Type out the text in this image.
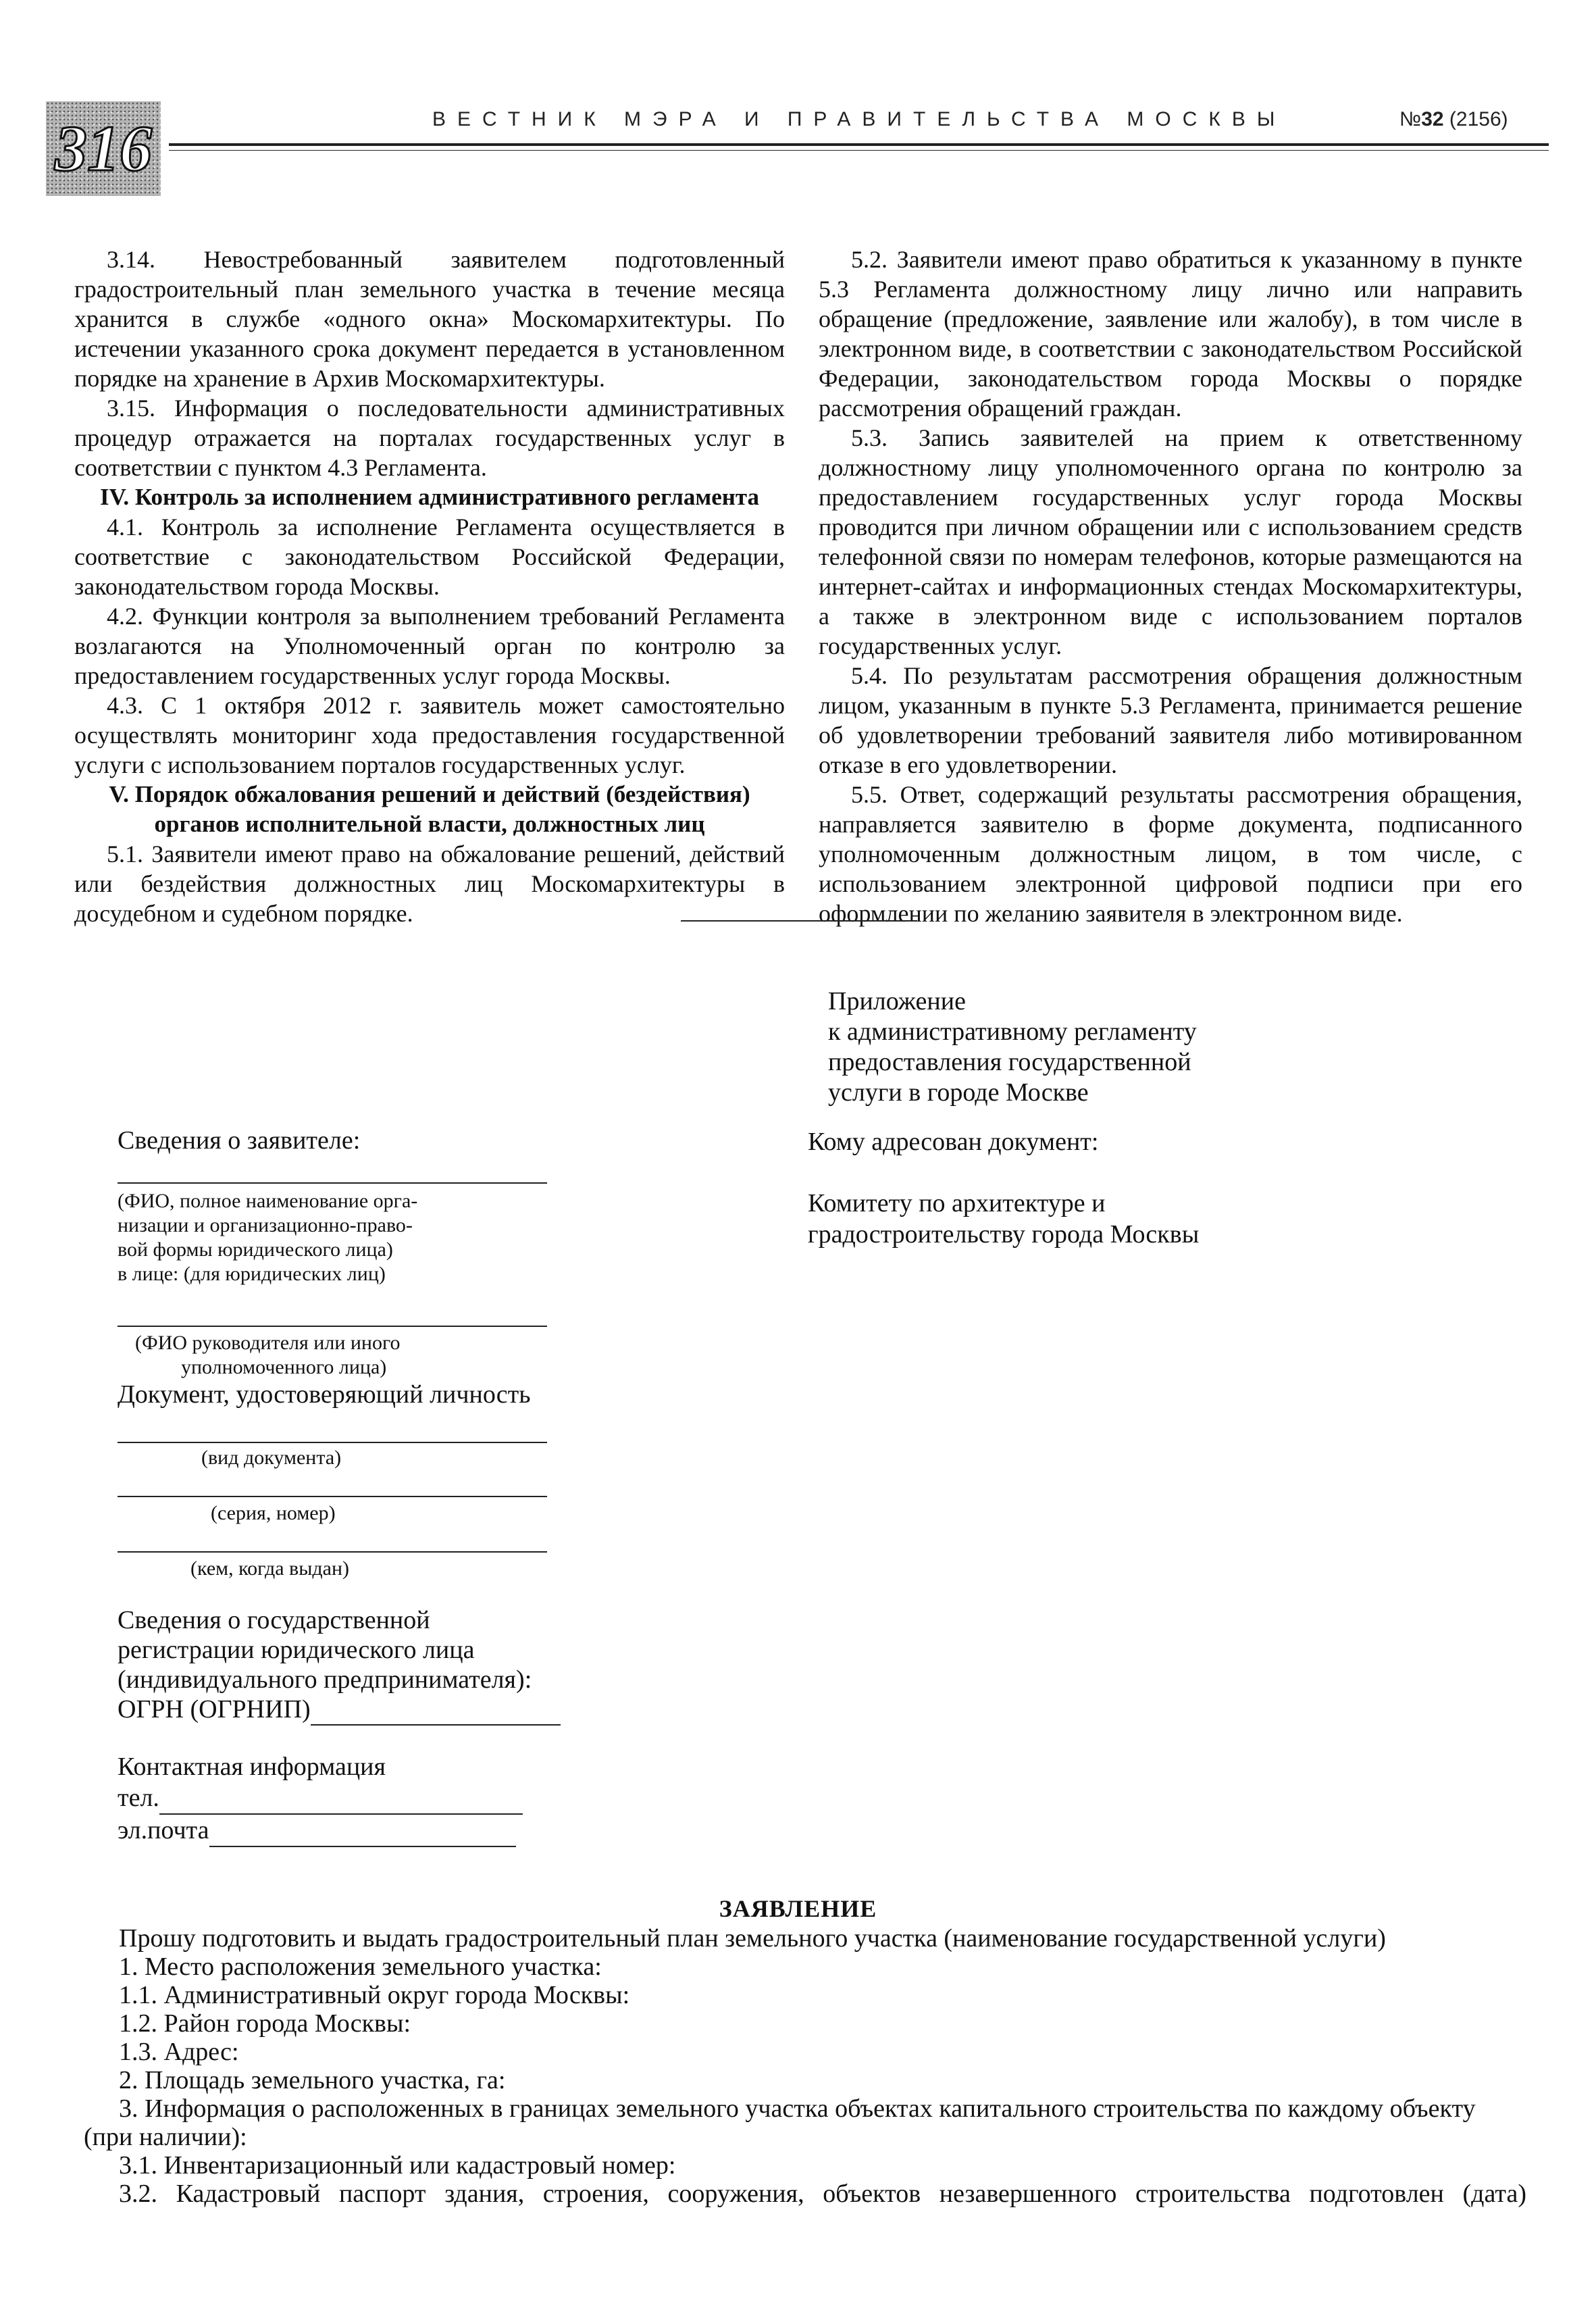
316	ВЕСТНИК МЭРА И ПРАВИТЕЛЬСТВА МОСКВЫ	№32 (2156)

3.14. Невостребованный заявителем подготовленный градостроительный план земельного участка в течение месяца хранится в службе «одного окна» Москомархитектуры. По истечении указанного срока документ передается в установленном порядке на хранение в Архив Москомархитектуры.

3.15. Информация о последовательности административных процедур отражается на порталах государственных услуг в соответствии с пунктом 4.3 Регламента.

IV. Контроль за исполнением административного регламента

4.1. Контроль за исполнение Регламента осуществляется в соответствие с законодательством Российской Федерации, законодательством города Москвы.

4.2. Функции контроля за выполнением требований Регламента возлагаются на Уполномоченный орган по контролю за предоставлением государственных услуг города Москвы.

4.3. С 1 октября 2012 г. заявитель может самостоятельно осуществлять мониторинг хода предоставления государственной услуги с использованием порталов государственных услуг.

V. Порядок обжалования решений и действий (бездействия)
органов исполнительной власти, должностных лиц

5.1. Заявители имеют право на обжалование решений, действий или бездействия должностных лиц Москомархитектуры в досудебном и судебном порядке.

5.2. Заявители имеют право обратиться к указанному в пункте 5.3 Регламента должностному лицу лично или направить обращение (предложение, заявление или жалобу), в том числе в электронном виде, в соответствии с законодательством Российской Федерации, законодательством города Москвы о порядке рассмотрения обращений граждан.

5.3. Запись заявителей на прием к ответственному должностному лицу уполномоченного органа по контролю за предоставлением государственных услуг города Москвы проводится при личном обращении или с использованием средств телефонной связи по номерам телефонов, которые размещаются на интернет-сайтах и информационных стендах Москомархитектуры, а также в электронном виде с использованием порталов государственных услуг.

5.4. По результатам рассмотрения обращения должностным лицом, указанным в пункте 5.3 Регламента, принимается решение об удовлетворении требований заявителя либо мотивированном отказе в его удовлетворении.

5.5. Ответ, содержащий результаты рассмотрения обращения, направляется заявителю в форме документа, подписанного уполномоченным должностным лицом, в том числе, с использованием электронной цифровой подписи при его оформлении по желанию заявителя в электронном виде.

Приложение
к административному регламенту
предоставления государственной
услуги в городе Москве
Сведения о заявителе:
(ФИО, полное наименование орга-
низации и организационно-право-
вой формы юридического лица)
в лице: (для юридических лиц)
(ФИО руководителя или иного
уполномоченного лица)
Документ, удостоверяющий личность
(вид документа)
(серия, номер)
(кем, когда выдан)
Сведения о государственной
регистрации юридического лица
(индивидуального предпринимателя):
ОГРН (ОГРНИП)
Контактная информация
тел.
эл.почта
Кому адресован документ:
Комитету по архитектуре и
градостроительству города Москвы
ЗАЯВЛЕНИЕ

Прошу подготовить и выдать градостроительный план земельного участка (наименование государственной услуги)

1. Место расположения земельного участка:

1.1. Административный округ города Москвы:

1.2. Район города Москвы:

1.3. Адрес:

2. Площадь земельного участка, га:

3. Информация о расположенных в границах земельного участка объектах капитального строительства по каждому объекту

(при наличии):

3.1. Инвентаризационный или кадастровый номер:

3.2. Кадастровый паспорт здания, строения, сооружения, объектов незавершенного строительства подготовлен (дата)
